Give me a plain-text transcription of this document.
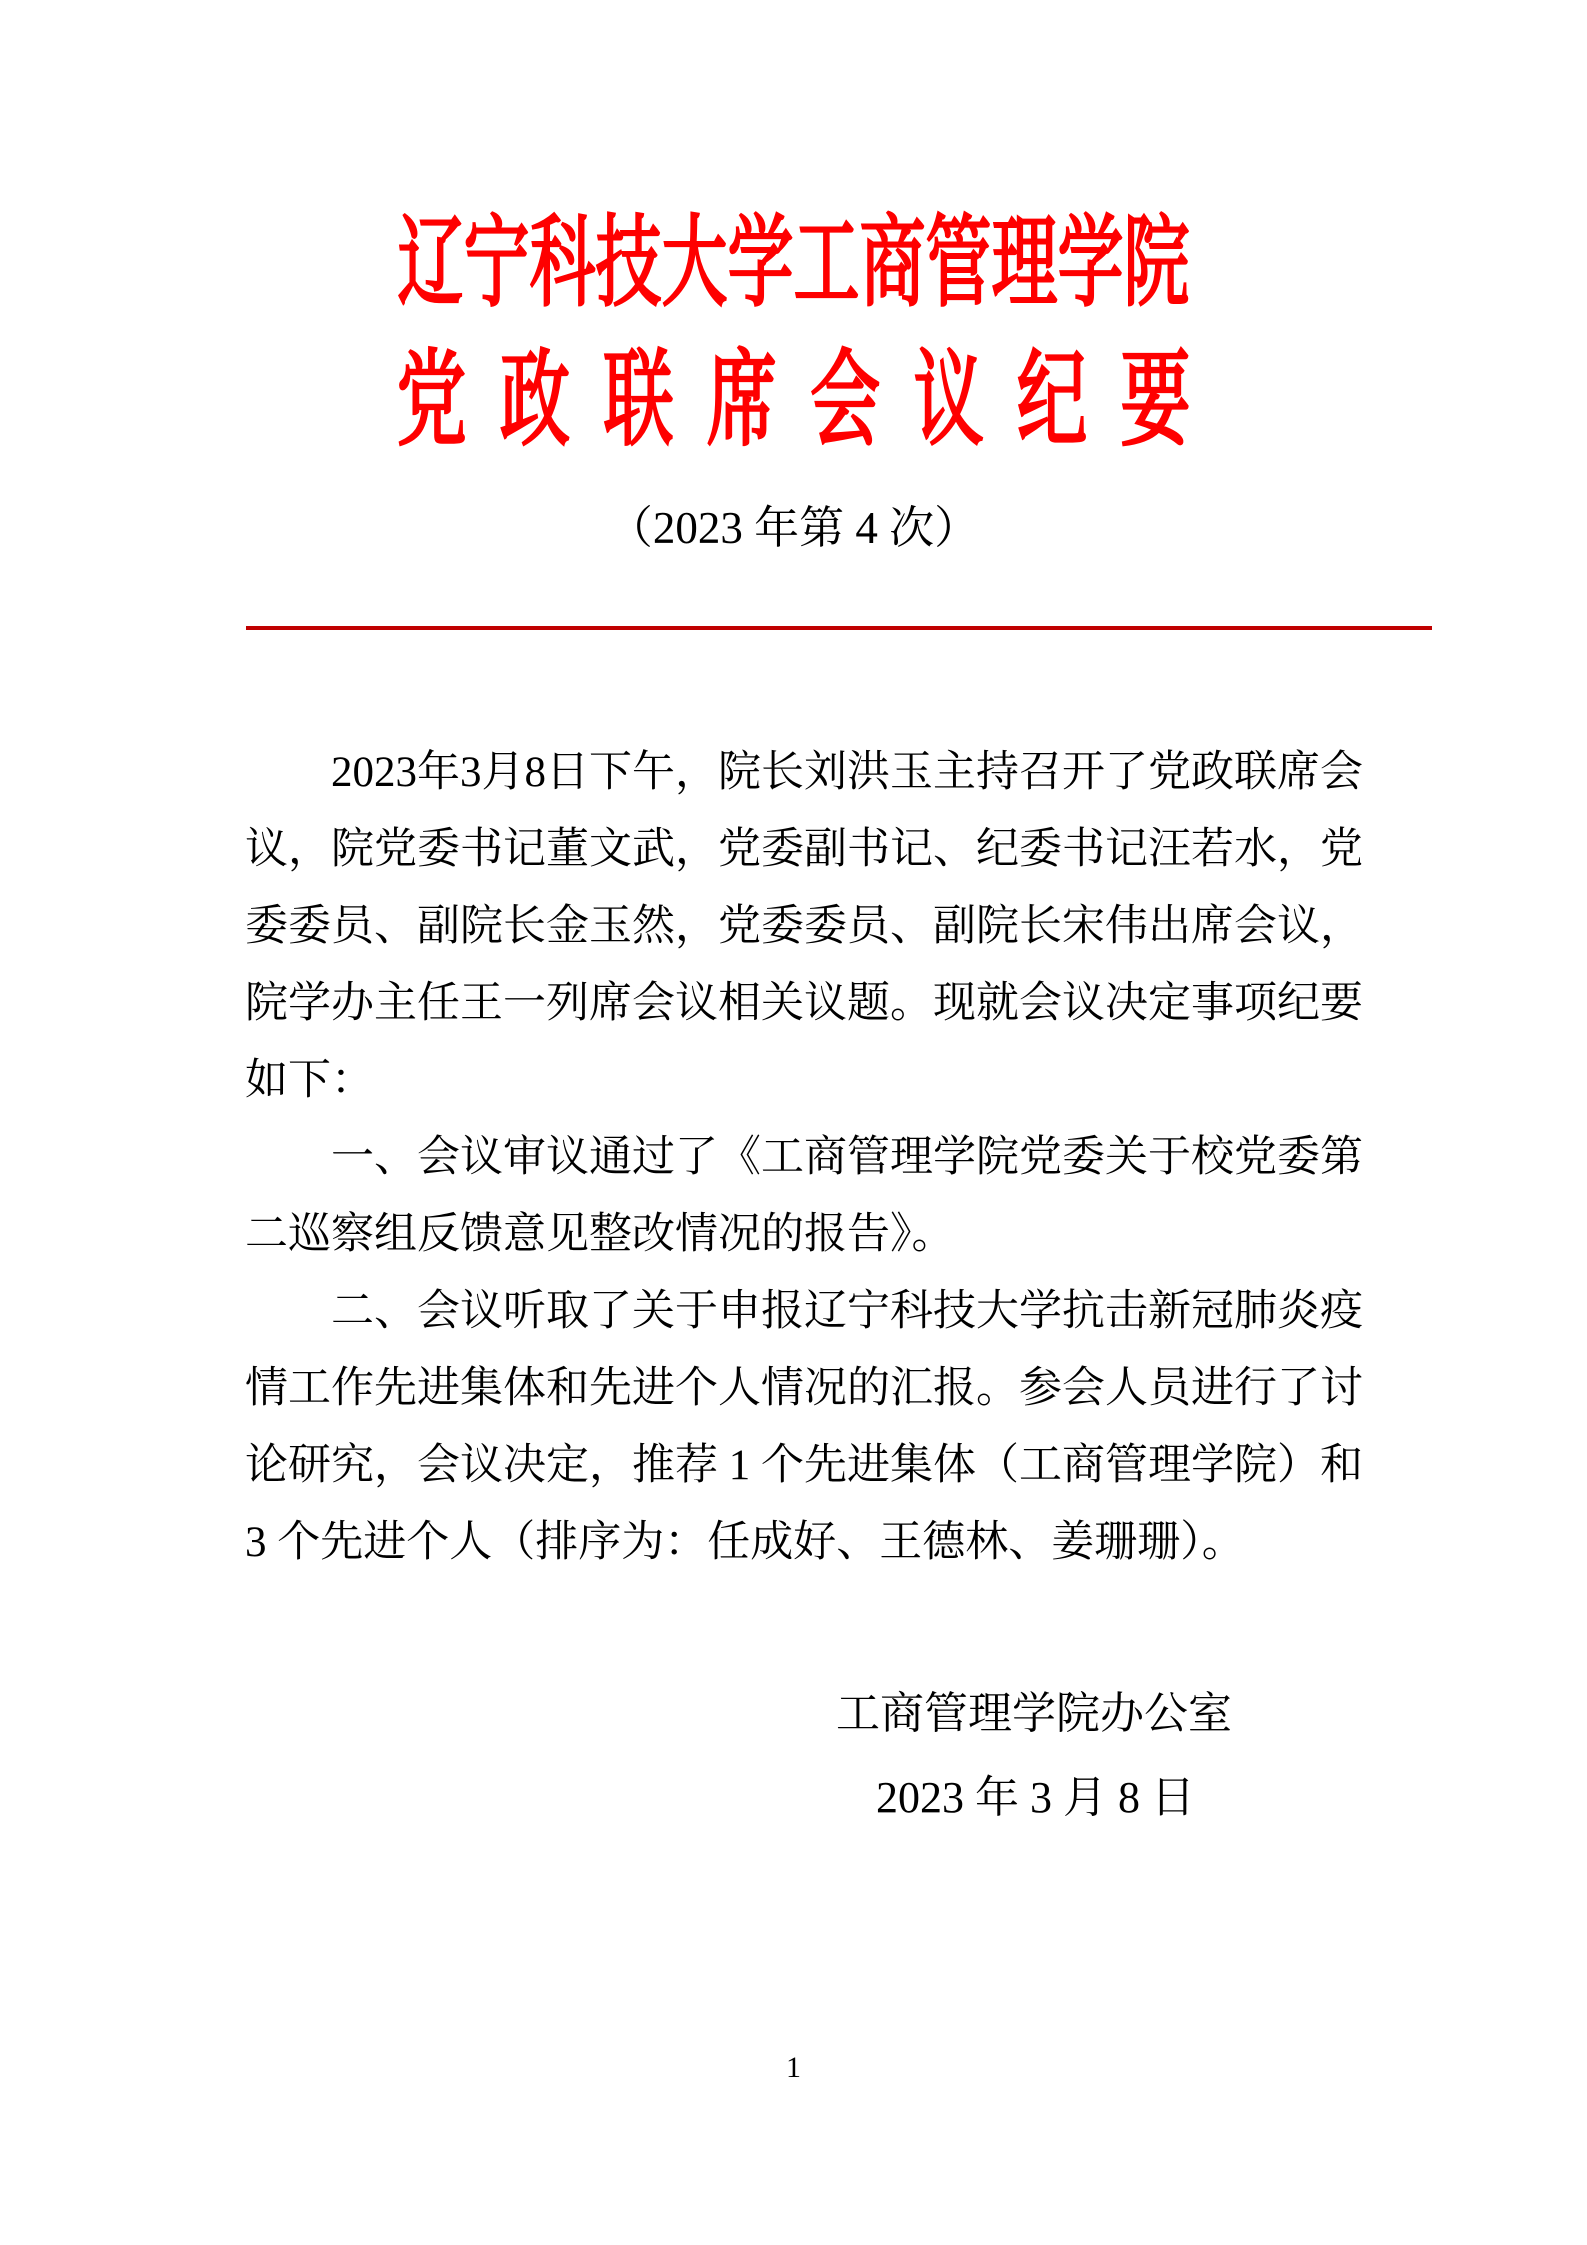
辽宁科技大学工商管理学院
党政联席会议纪要
（2023 年第 4 次）

2023年3月8日下午，院长刘洪玉主持召开了党政联席会

议，院党委书记董文武，党委副书记、纪委书记汪若水，党

委委员、副院长金玉然，党委委员、副院长宋伟出席会议，

院学办主任王一列席会议相关议题。现就会议决定事项纪要

如下：

一、会议审议通过了《工商管理学院党委关于校党委第

二巡察组反馈意见整改情况的报告》。

二、会议听取了关于申报辽宁科技大学抗击新冠肺炎疫

情工作先进集体和先进个人情况的汇报。参会人员进行了讨

论研究，会议决定，推荐 1 个先进集体（工商管理学院）和

3 个先进个人（排序为：任成好、王德林、姜珊珊）。

工商管理学院办公室
2023 年 3 月 8 日
1
